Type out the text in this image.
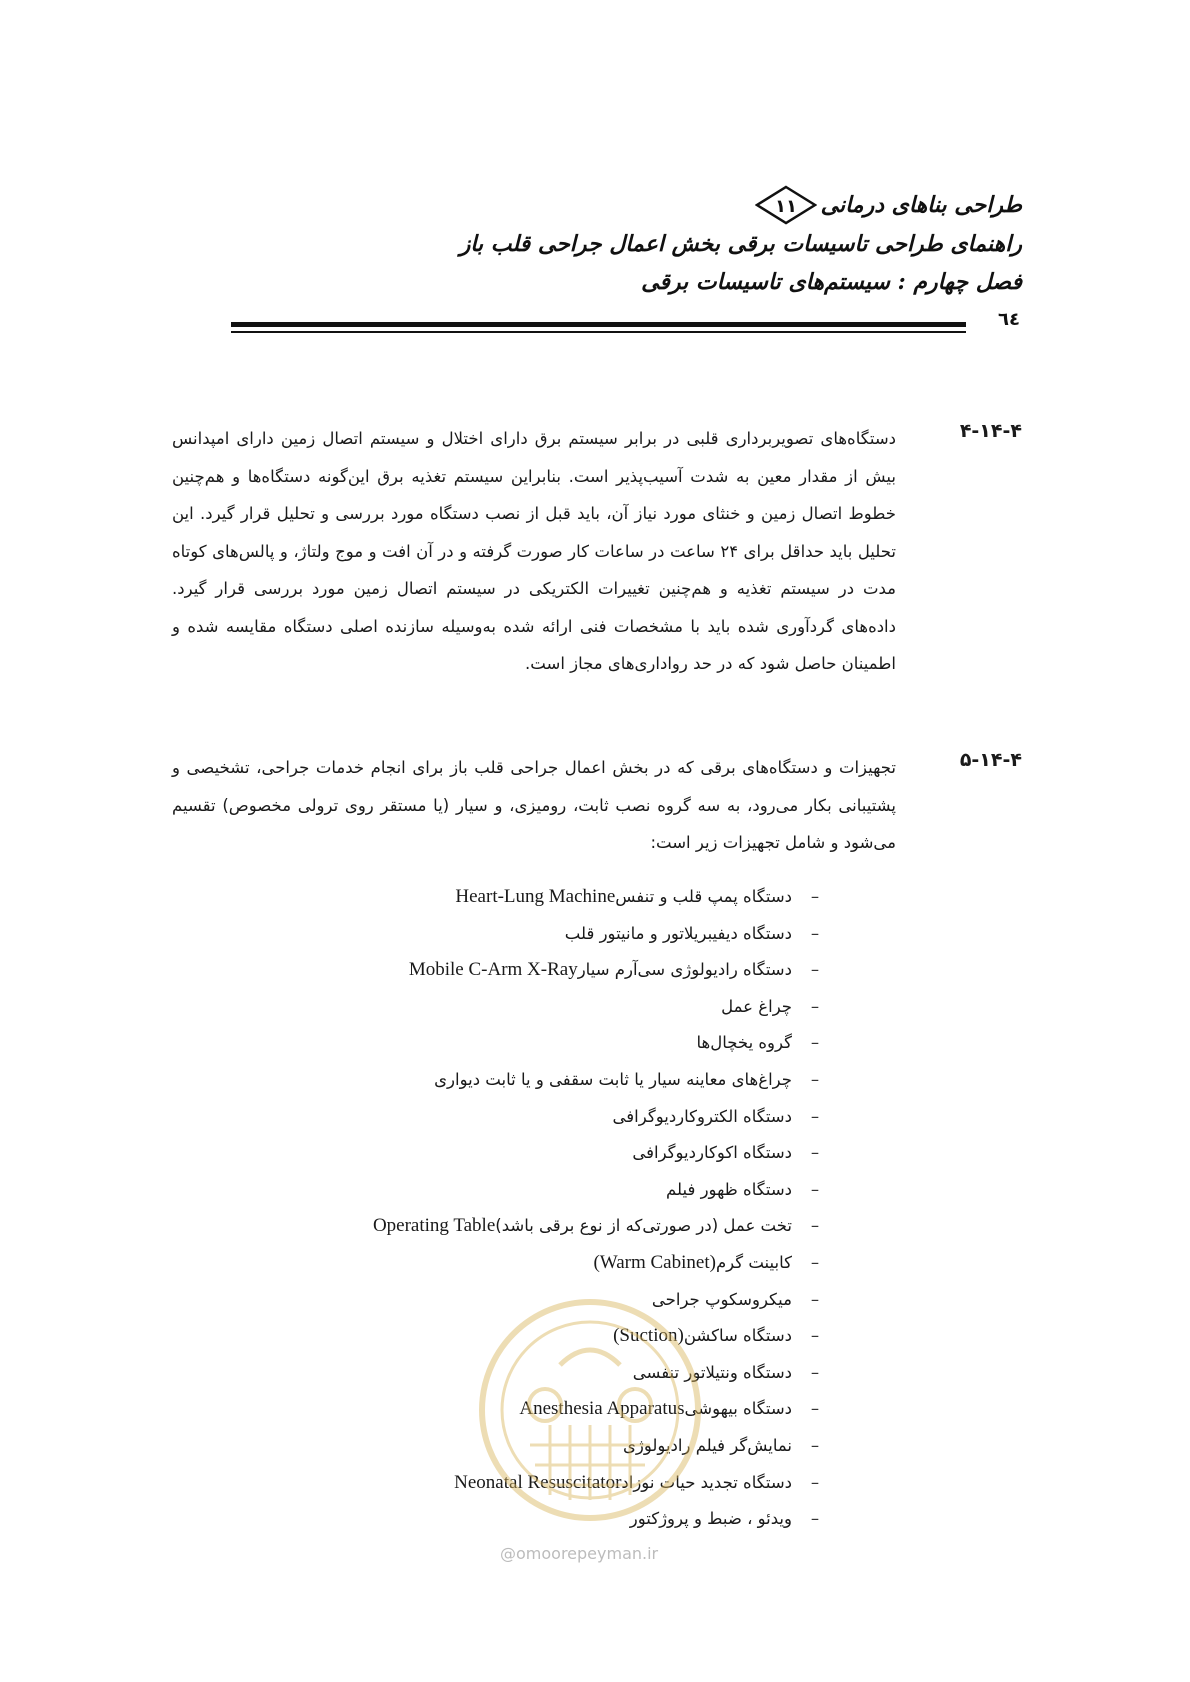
طراحی بناهای درمانی
۱۱
راهنمای طراحی تاسیسات برقی بخش اعمال جراحی قلب باز
فصل چهارم : سیستم‌های تاسیسات برقی
٦٤
۴-۱۴-۴

دستگاه‌های تصویربرداری قلبی در برابر سیستم برق دارای اختلال و سیستم اتصال زمین دارای امپدانس بیش از مقدار معین به شدت آسیب‌پذیر است. بنابراین سیستم تغذیه برق این‌گونه دستگاه‌ها و هم‌چنین خطوط اتصال زمین و خنثای مورد نیاز آن، باید قبل از نصب دستگاه مورد بررسی و تحلیل قرار گیرد. این تحلیل باید حداقل برای ۲۴ ساعت در ساعات کار صورت گرفته و در آن افت و موج ولتاژ، و پالس‌های کوتاه مدت در سیستم تغذیه و هم‌چنین تغییرات الکتریکی در سیستم اتصال زمین مورد بررسی قرار گیرد. داده‌های گردآوری شده باید با مشخصات فنی ارائه شده به‌وسیله سازنده اصلی دستگاه مقایسه شده و اطمینان حاصل شود که در حد رواداری‌های مجاز است.

۵-۱۴-۴

تجهیزات و دستگاه‌های برقی که در بخش اعمال جراحی قلب باز برای انجام خدمات جراحی، تشخیصی و پشتیبانی بکار می‌رود، به سه گروه نصب ثابت، رومیزی، و سیار (یا مستقر روی ترولی مخصوص) تقسیم می‌شود و شامل تجهیزات زیر است:

–
دستگاه پمپ قلب و تنفس
Heart-Lung Machine
–
دستگاه دیفیبریلاتور و مانیتور قلب
–
دستگاه رادیولوژی سی‌آرم سیار
Mobile C-Arm X-Ray
–
چراغ عمل
–
گروه یخچال‌ها
–
چراغ‌های معاینه سیار یا ثابت سقفی و یا ثابت دیواری
–
دستگاه الکتروکاردیوگرافی
–
دستگاه اکوکاردیوگرافی
–
دستگاه ظهور فیلم
–
تخت عمل (در صورتی‌که از نوع برقی باشد)
Operating Table
–
کابینت گرم
(Warm Cabinet)
–
میکروسکوپ جراحی
–
دستگاه ساکشن
(Suction)
–
دستگاه ونتیلاتور تنفسی
–
دستگاه بیهوشی
Anesthesia Apparatus
–
نمایش‌گر فیلم رادیولوژی
–
دستگاه تجدید حیات نوزاد
Neonatal Resuscitator
–
ویدئو ، ضبط و پروژکتور
@omoorepeyman.ir
